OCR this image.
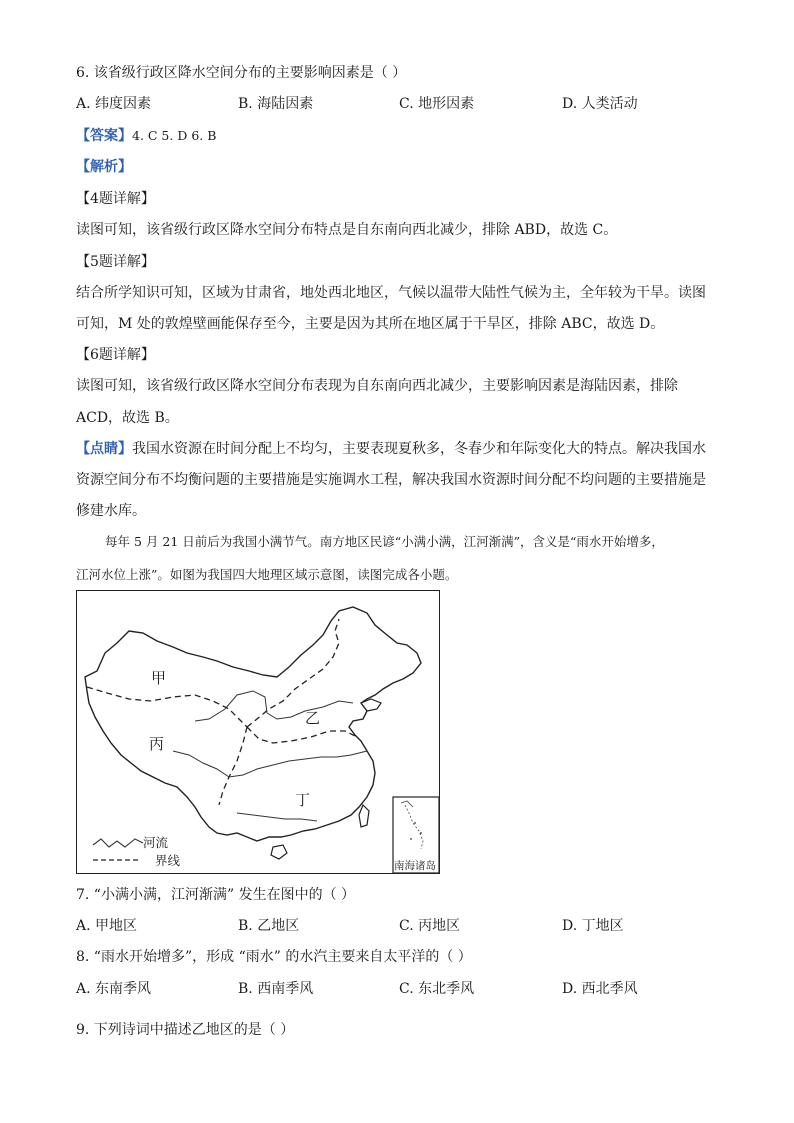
6. 该省级行政区降水空间分布的主要影响因素是（ ）
A. 纬度因素	B. 海陆因素	C. 地形因素	D. 人类活动
【答案】4. C 5. D 6. B
【解析】
【4题详解】
读图可知，该省级行政区降水空间分布特点是自东南向西北减少，排除 ABD，故选 C。
【5题详解】
结合所学知识可知，区域为甘肃省，地处西北地区，气候以温带大陆性气候为主，全年较为干旱。读图
可知，M 处的敦煌壁画能保存至今，主要是因为其所在地区属于干旱区，排除 ABC，故选 D。
【6题详解】
读图可知，该省级行政区降水空间分布表现为自东南向西北减少，主要影响因素是海陆因素，排除
ACD，故选 B。
【点睛】我国水资源在时间分配上不均匀，主要表现夏秋多，冬春少和年际变化大的特点。解决我国水
资源空间分布不均衡问题的主要措施是实施调水工程，解决我国水资源时间分配不均问题的主要措施是
修建水库。
每年 5 月 21 日前后为我国小满节气。南方地区民谚“小满小满，江河渐满”，含义是“雨水开始增多，
江河水位上涨”。如图为我国四大地理区域示意图，读图完成各小题。
甲
乙
丙
丁
河流
界线	南海诸岛
7. “小满小满，江河渐满” 发生在图中的（ ）
A. 甲地区	B. 乙地区	C. 丙地区	D. 丁地区
8. “雨水开始增多”，形成 “雨水” 的水汽主要来自太平洋的（ ）
A. 东南季风	B. 西南季风	C. 东北季风	D. 西北季风
9. 下列诗词中描述乙地区的是（ ）
